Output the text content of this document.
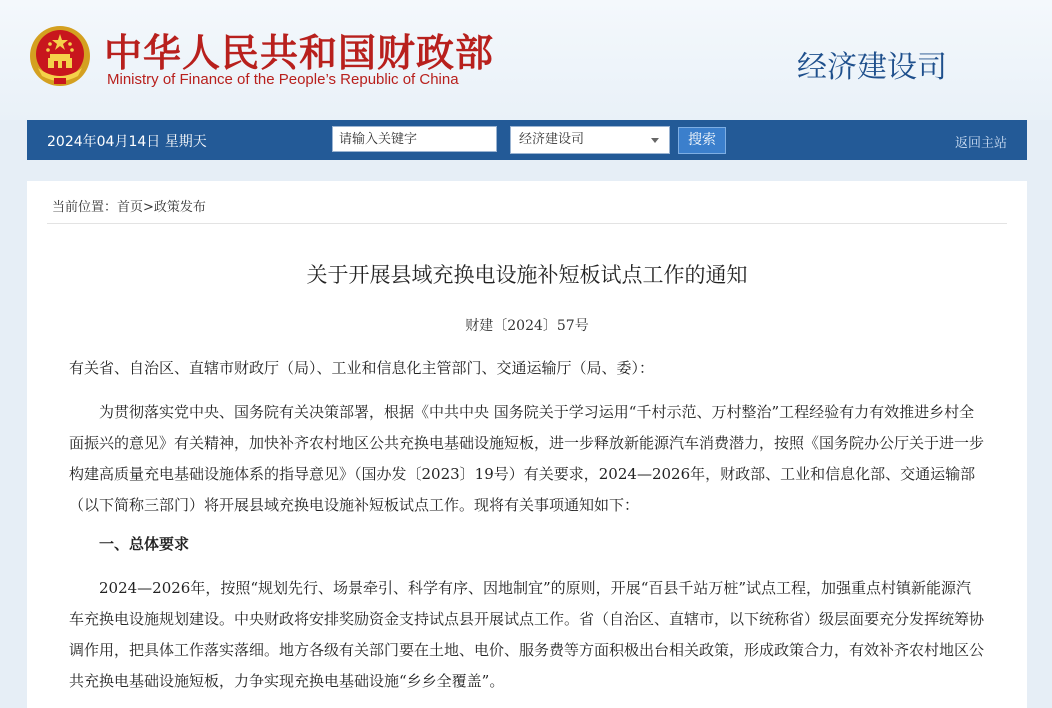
中华人民共和国财政部
Ministry of Finance of the People’s Republic of China	经济建设司
2024年04月14日 星期天
请输入关键字	经济建设司	搜索	返回主站
当前位置：首页>政策发布
关于开展县域充换电设施补短板试点工作的通知
财建〔2024〕57号

有关省、自治区、直辖市财政厅（局）、工业和信息化主管部门、交通运输厅（局、委）：

为贯彻落实党中央、国务院有关决策部署，根据《中共中央 国务院关于学习运用“千村示范、万村整治”工程经验有力有效推进乡村全面振兴的意见》有关精神，加快补齐农村地区公共充换电基础设施短板，进一步释放新能源汽车消费潜力，按照《国务院办公厅关于进一步构建高质量充电基础设施体系的指导意见》（国办发〔2023〕19号）有关要求，2024—2026年，财政部、工业和信息化部、交通运输部（以下简称三部门）将开展县域充换电设施补短板试点工作。现将有关事项通知如下：

一、总体要求

2024—2026年，按照“规划先行、场景牵引、科学有序、因地制宜”的原则，开展“百县千站万桩”试点工程，加强重点村镇新能源汽车充换电设施规划建设。中央财政将安排奖励资金支持试点县开展试点工作。省（自治区、直辖市，以下统称省）级层面要充分发挥统筹协调作用，把具体工作落实落细。地方各级有关部门要在土地、电价、服务费等方面积极出台相关政策，形成政策合力，有效补齐农村地区公共充换电基础设施短板，力争实现充换电基础设施“乡乡全覆盖”。
